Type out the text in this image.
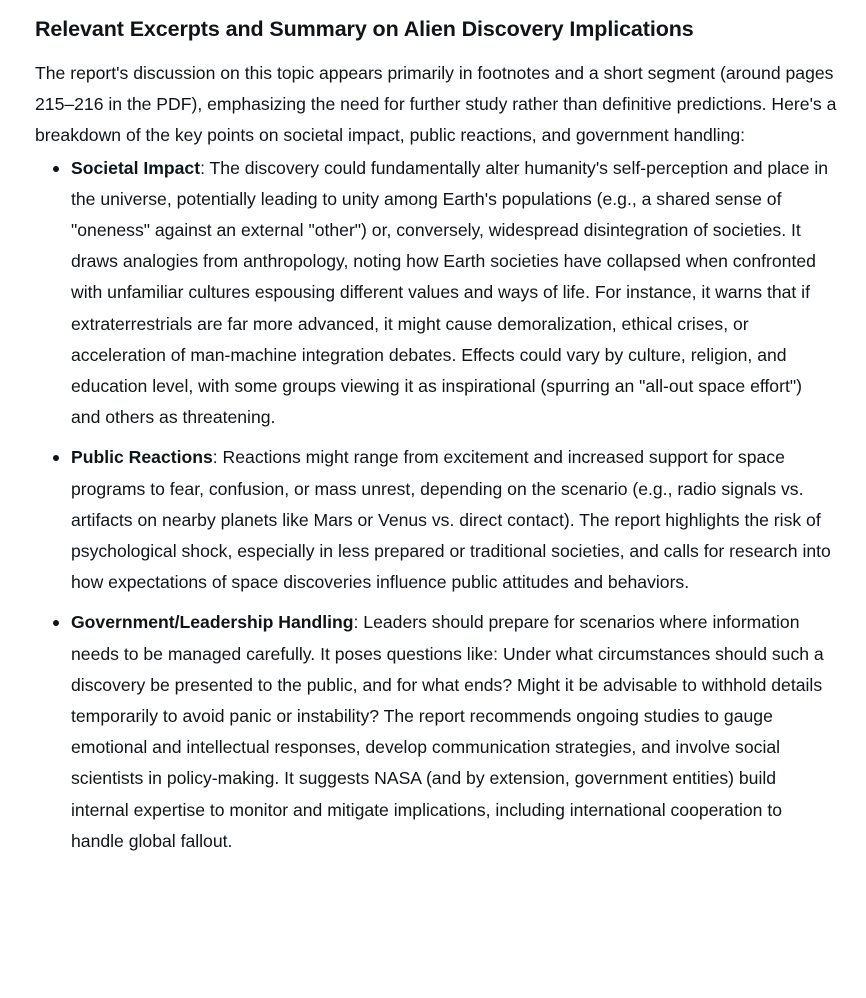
Relevant Excerpts and Summary on Alien Discovery Implications

The report's discussion on this topic appears primarily in footnotes and a short segment (around pages 215–216 in the PDF), emphasizing the need for further study rather than definitive predictions. Here's a breakdown of the key points on societal impact, public reactions, and government handling:

Societal Impact: The discovery could fundamentally alter humanity's self-perception and place in the universe, potentially leading to unity among Earth's populations (e.g., a shared sense of "oneness" against an external "other") or, conversely, widespread disintegration of societies. It draws analogies from anthropology, noting how Earth societies have collapsed when confronted with unfamiliar cultures espousing different values and ways of life. For instance, it warns that if extraterrestrials are far more advanced, it might cause demoralization, ethical crises, or acceleration of man-machine integration debates. Effects could vary by culture, religion, and education level, with some groups viewing it as inspirational (spurring an "all-out space effort") and others as threatening.
Public Reactions: Reactions might range from excitement and increased support for space programs to fear, confusion, or mass unrest, depending on the scenario (e.g., radio signals vs. artifacts on nearby planets like Mars or Venus vs. direct contact). The report highlights the risk of psychological shock, especially in less prepared or traditional societies, and calls for research into how expectations of space discoveries influence public attitudes and behaviors.
Government/Leadership Handling: Leaders should prepare for scenarios where information needs to be managed carefully. It poses questions like: Under what circumstances should such a discovery be presented to the public, and for what ends? Might it be advisable to withhold details temporarily to avoid panic or instability? The report recommends ongoing studies to gauge emotional and intellectual responses, develop communication strategies, and involve social scientists in policy-making. It suggests NASA (and by extension, government entities) build internal expertise to monitor and mitigate implications, including international cooperation to handle global fallout.
